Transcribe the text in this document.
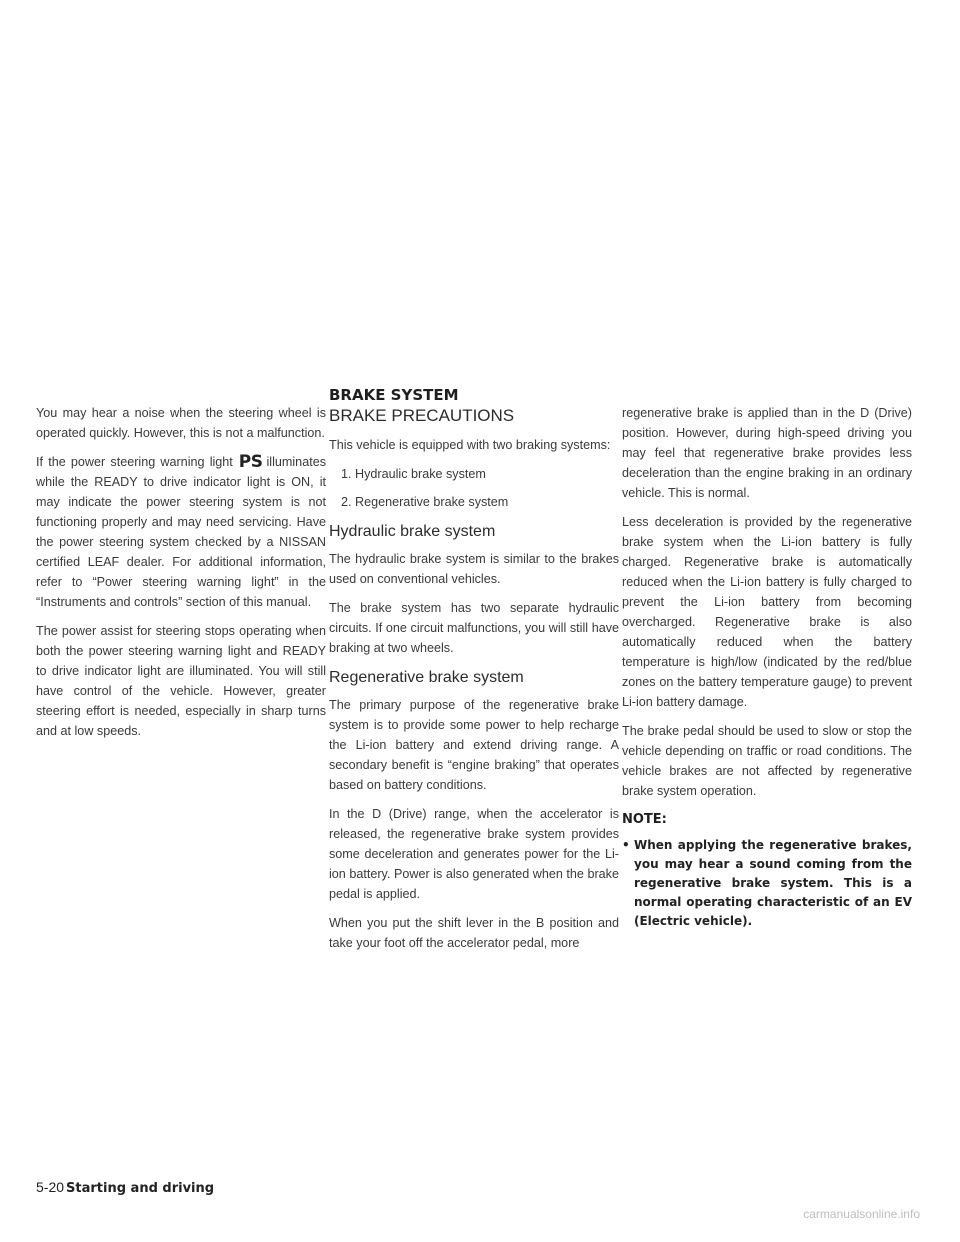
You may hear a noise when the steering wheel is operated quickly. However, this is not a malfunction.

If the power steering warning light PS illuminates while the READY to drive indicator light is ON, it may indicate the power steering system is not functioning properly and may need servicing. Have the power steering system checked by a NISSAN certified LEAF dealer. For additional information, refer to “Power steering warning light” in the “Instruments and controls” section of this manual.

The power assist for steering stops operating when both the power steering warning light and READY to drive indicator light are illuminated. You will still have control of the vehicle. However, greater steering effort is needed, especially in sharp turns and at low speeds.

BRAKE SYSTEM
BRAKE PRECAUTIONS

This vehicle is equipped with two braking systems:

1. Hydraulic brake system
2. Regenerative brake system
Hydraulic brake system

The hydraulic brake system is similar to the brakes used on conventional vehicles.

The brake system has two separate hydraulic circuits. If one circuit malfunctions, you will still have braking at two wheels.

Regenerative brake system

The primary purpose of the regenerative brake system is to provide some power to help recharge the Li-ion battery and extend driving range. A secondary benefit is “engine braking” that operates based on battery conditions.

In the D (Drive) range, when the accelerator is released, the regenerative brake system provides some deceleration and generates power for the Li-ion battery. Power is also generated when the brake pedal is applied.

When you put the shift lever in the B position and take your foot off the accelerator pedal, more

regenerative brake is applied than in the D (Drive) position. However, during high-speed driving you may feel that regenerative brake provides less deceleration than the engine braking in an ordinary vehicle. This is normal.

Less deceleration is provided by the regenerative brake system when the Li-ion battery is fully charged. Regenerative brake is automatically reduced when the Li-ion battery is fully charged to prevent the Li-ion battery from becoming overcharged. Regenerative brake is also automatically reduced when the battery temperature is high/low (indicated by the red/blue zones on the battery temperature gauge) to prevent Li-ion battery damage.

The brake pedal should be used to slow or stop the vehicle depending on traffic or road conditions. The vehicle brakes are not affected by regenerative brake system operation.

NOTE:
• When applying the regenerative brakes, you may hear a sound coming from the regenerative brake system. This is a normal operating characteristic of an EV (Electric vehicle).
5-20 Starting and driving
carmanualsonline.info
